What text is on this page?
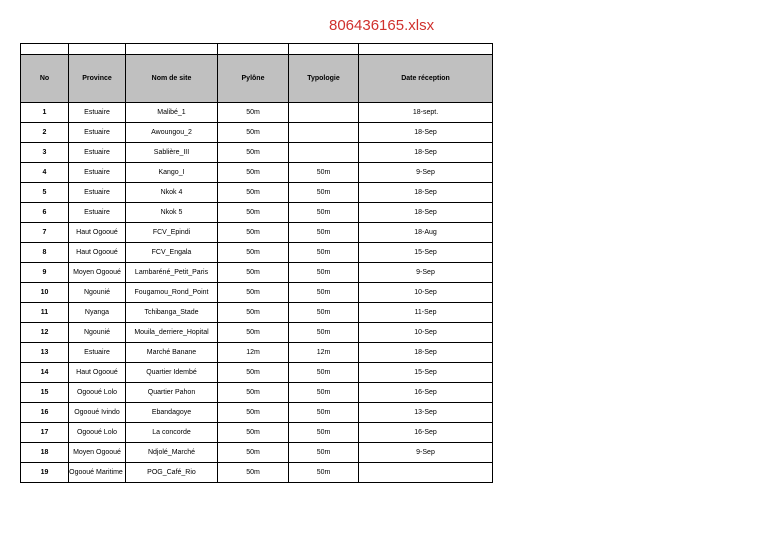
806436165.xlsx

No	Province	Nom de site	Pylône	Typologie	Date réception
1	Estuaire	Malibé_1	50m		18-sept.
2	Estuaire	Awoungou_2	50m		18-Sep
3	Estuaire	Sablière_III	50m		18-Sep
4	Estuaire	Kango_I	50m	50m	9-Sep
5	Estuaire	Nkok 4	50m	50m	18-Sep
6	Estuaire	Nkok 5	50m	50m	18-Sep
7	Haut Ogooué	FCV_Epindi	50m	50m	18-Aug
8	Haut Ogooué	FCV_Engala	50m	50m	15-Sep
9	Moyen Ogooué	Lambaréné_Petit_Paris	50m	50m	9-Sep
10	Ngounié	Fougamou_Rond_Point	50m	50m	10-Sep
11	Nyanga	Tchibanga_Stade	50m	50m	11-Sep
12	Ngounié	Mouila_derriere_Hopital	50m	50m	10-Sep
13	Estuaire	Marché Banane	12m	12m	18-Sep
14	Haut Ogooué	Quartier Idembé	50m	50m	15-Sep
15	Ogooué Lolo	Quartier Pahon	50m	50m	16-Sep
16	Ogooué Ivindo	Ebandagoye	50m	50m	13-Sep
17	Ogooué Lolo	La concorde	50m	50m	16-Sep
18	Moyen Ogooué	Ndjolé_Marché	50m	50m	9-Sep
19	Ogooué Maritime	POG_Café_Rio	50m	50m	
